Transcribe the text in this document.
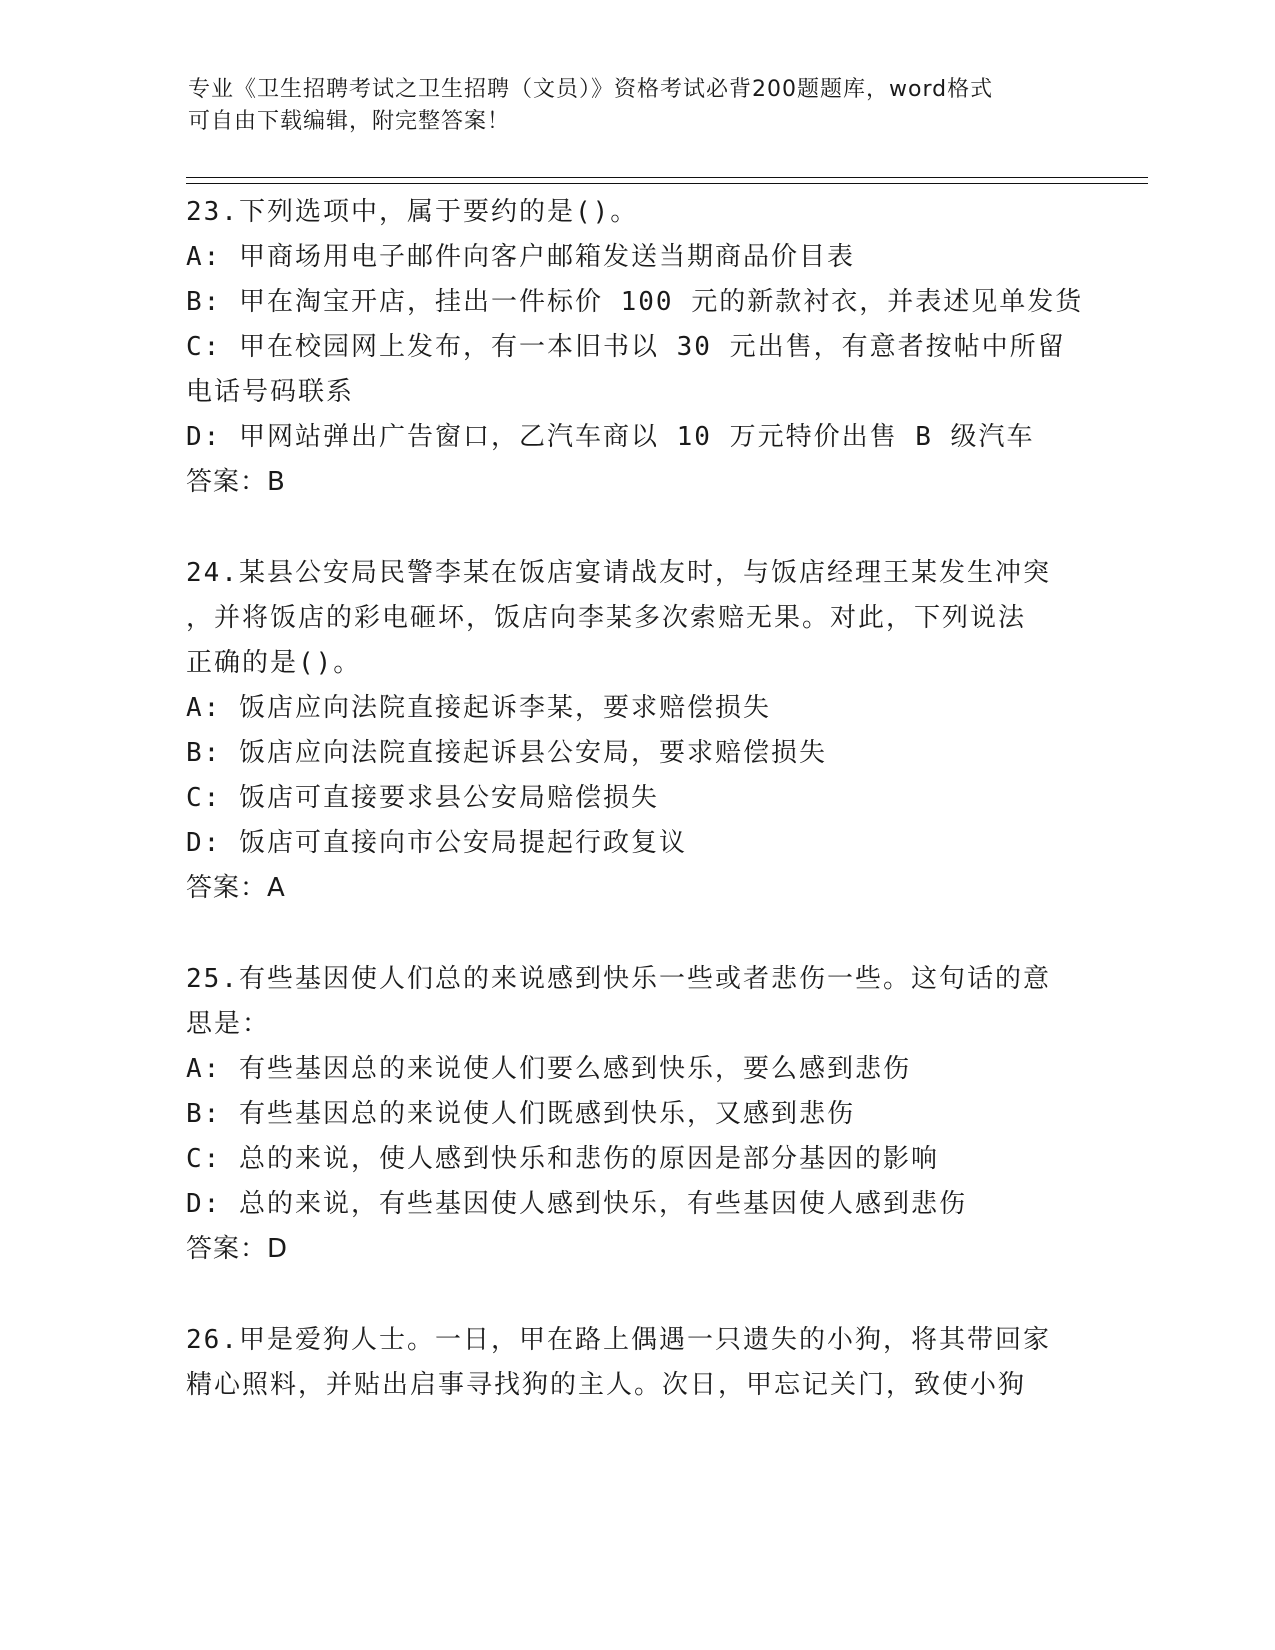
专业《卫生招聘考试之卫生招聘（文员）》资格考试必背200题题库，word格式
可自由下载编辑，附完整答案！
23.下列选项中，属于要约的是()。
A: 甲商场用电子邮件向客户邮箱发送当期商品价目表
B: 甲在淘宝开店，挂出一件标价 100 元的新款衬衣，并表述见单发货
C: 甲在校园网上发布，有一本旧书以 30 元出售，有意者按帖中所留
电话号码联系
D: 甲网站弹出广告窗口，乙汽车商以 10 万元特价出售 B 级汽车
答案：B
24.某县公安局民警李某在饭店宴请战友时，与饭店经理王某发生冲突
，并将饭店的彩电砸坏，饭店向李某多次索赔无果。对此，下列说法
正确的是()。
A: 饭店应向法院直接起诉李某，要求赔偿损失
B: 饭店应向法院直接起诉县公安局，要求赔偿损失
C: 饭店可直接要求县公安局赔偿损失
D: 饭店可直接向市公安局提起行政复议
答案：A
25.有些基因使人们总的来说感到快乐一些或者悲伤一些。这句话的意
思是：
A: 有些基因总的来说使人们要么感到快乐，要么感到悲伤
B: 有些基因总的来说使人们既感到快乐，又感到悲伤
C: 总的来说，使人感到快乐和悲伤的原因是部分基因的影响
D: 总的来说，有些基因使人感到快乐，有些基因使人感到悲伤
答案：D
26.甲是爱狗人士。一日，甲在路上偶遇一只遗失的小狗，将其带回家
精心照料，并贴出启事寻找狗的主人。次日，甲忘记关门，致使小狗
